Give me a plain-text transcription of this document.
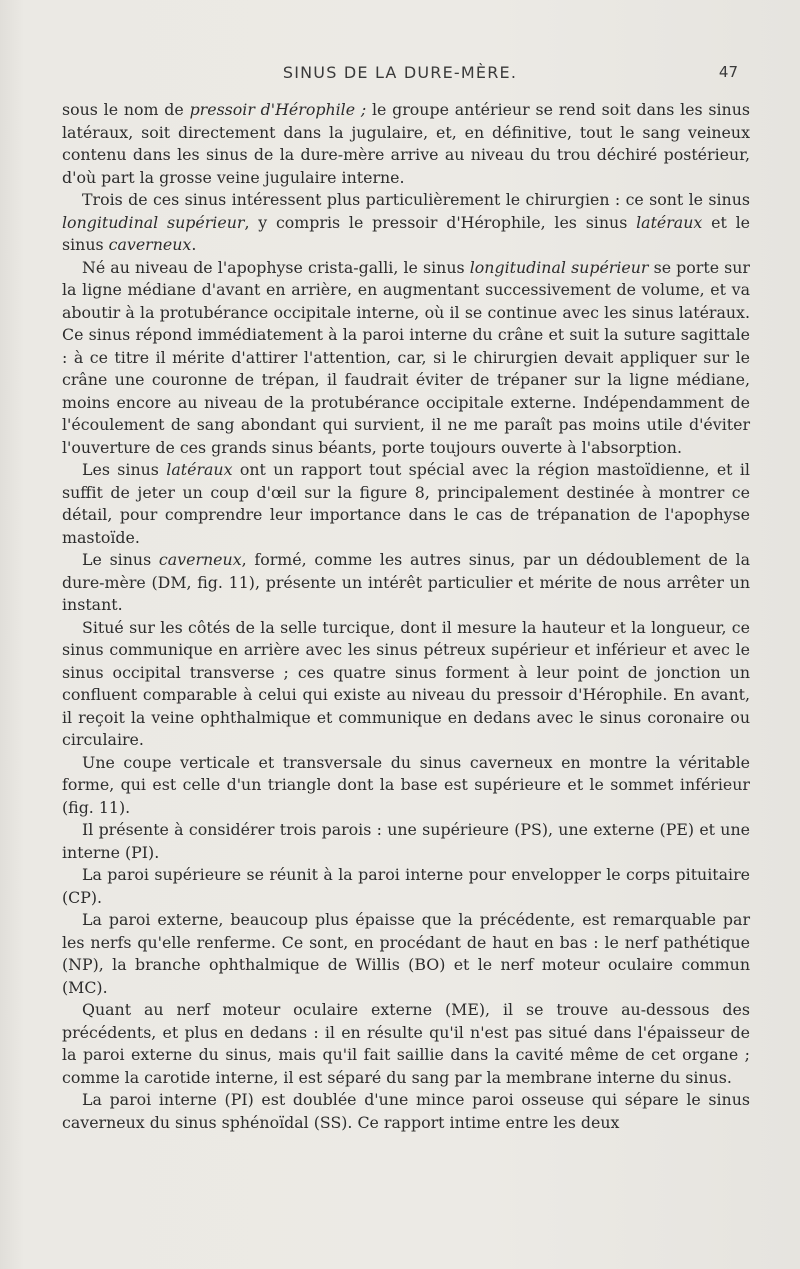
SINUS DE LA DURE-MÈRE.	47

sous le nom de pressoir d'Hérophile ; le groupe antérieur se rend soit dans les sinus latéraux, soit directement dans la jugulaire, et, en définitive, tout le sang veineux contenu dans les sinus de la dure-mère arrive au niveau du trou déchiré postérieur, d'où part la grosse veine jugulaire interne.

Trois de ces sinus intéressent plus particulièrement le chirurgien : ce sont le sinus longitudinal supérieur, y compris le pressoir d'Hérophile, les sinus latéraux et le sinus caverneux.

Né au niveau de l'apophyse crista-galli, le sinus longitudinal supérieur se porte sur la ligne médiane d'avant en arrière, en augmentant successivement de volume, et va aboutir à la protubérance occipitale interne, où il se continue avec les sinus latéraux. Ce sinus répond immédiatement à la paroi interne du crâne et suit la suture sagittale : à ce titre il mérite d'attirer l'attention, car, si le chirurgien devait appliquer sur le crâne une couronne de trépan, il faudrait éviter de trépaner sur la ligne médiane, moins encore au niveau de la protubérance occipitale externe. Indépendamment de l'écoulement de sang abondant qui survient, il ne me paraît pas moins utile d'éviter l'ouverture de ces grands sinus béants, porte toujours ouverte à l'absorption.

Les sinus latéraux ont un rapport tout spécial avec la région mastoïdienne, et il suffit de jeter un coup d'œil sur la figure 8, principalement destinée à montrer ce détail, pour comprendre leur importance dans le cas de trépanation de l'apophyse mastoïde.

Le sinus caverneux, formé, comme les autres sinus, par un dédoublement de la dure-mère (DM, fig. 11), présente un intérêt particulier et mérite de nous arrêter un instant.

Situé sur les côtés de la selle turcique, dont il mesure la hauteur et la longueur, ce sinus communique en arrière avec les sinus pétreux supérieur et inférieur et avec le sinus occipital transverse ; ces quatre sinus forment à leur point de jonction un confluent comparable à celui qui existe au niveau du pressoir d'Hérophile. En avant, il reçoit la veine ophthalmique et communique en dedans avec le sinus coronaire ou circulaire.

Une coupe verticale et transversale du sinus caverneux en montre la véritable forme, qui est celle d'un triangle dont la base est supérieure et le sommet inférieur (fig. 11).

Il présente à considérer trois parois : une supérieure (PS), une externe (PE) et une interne (PI).

La paroi supérieure se réunit à la paroi interne pour envelopper le corps pituitaire (CP).

La paroi externe, beaucoup plus épaisse que la précédente, est remarquable par les nerfs qu'elle renferme. Ce sont, en procédant de haut en bas : le nerf pathétique (NP), la branche ophthalmique de Willis (BO) et le nerf moteur oculaire commun (MC).

Quant au nerf moteur oculaire externe (ME), il se trouve au-dessous des précédents, et plus en dedans : il en résulte qu'il n'est pas situé dans l'épaisseur de la paroi externe du sinus, mais qu'il fait saillie dans la cavité même de cet organe ; comme la carotide interne, il est séparé du sang par la membrane interne du sinus.

La paroi interne (PI) est doublée d'une mince paroi osseuse qui sépare le sinus caverneux du sinus sphénoïdal (SS). Ce rapport intime entre les deux
